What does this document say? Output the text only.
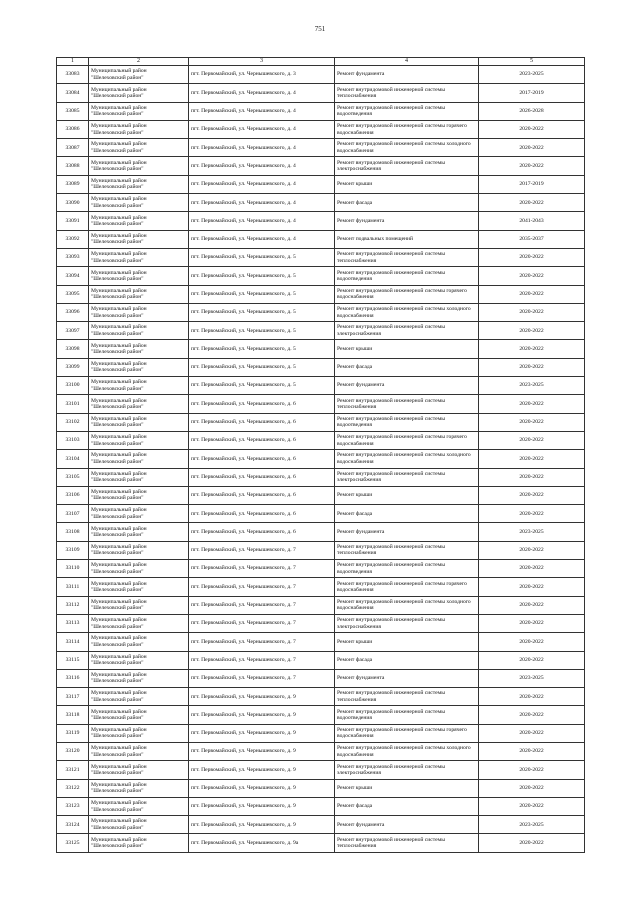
751
1	2	3	4	5
33083	Муниципальный район
"Шелеховский район"	пгт. Первомайский, ул. Чернышевского, д. 3	Ремонт фундамента	2023-2025
33084	Муниципальный район
"Шелеховский район"	пгт. Первомайский, ул. Чернышевского, д. 4	Ремонт внутридомовой инженерной системы теплоснабжения	2017-2019
33085	Муниципальный район
"Шелеховский район"	пгт. Первомайский, ул. Чернышевского, д. 4	Ремонт внутридомовой инженерной системы водоотведения	2026-2028
33086	Муниципальный район
"Шелеховский район"	пгт. Первомайский, ул. Чернышевского, д. 4	Ремонт внутридомовой инженерной системы горячего водоснабжения	2020-2022
33087	Муниципальный район
"Шелеховский район"	пгт. Первомайский, ул. Чернышевского, д. 4	Ремонт внутридомовой инженерной системы холодного водоснабжения	2020-2022
33088	Муниципальный район
"Шелеховский район"	пгт. Первомайский, ул. Чернышевского, д. 4	Ремонт внутридомовой инженерной системы электроснабжения	2020-2022
33089	Муниципальный район
"Шелеховский район"	пгт. Первомайский, ул. Чернышевского, д. 4	Ремонт крыши	2017-2019
33090	Муниципальный район
"Шелеховский район"	пгт. Первомайский, ул. Чернышевского, д. 4	Ремонт фасада	2020-2022
33091	Муниципальный район
"Шелеховский район"	пгт. Первомайский, ул. Чернышевского, д. 4	Ремонт фундамента	2041-2043
33092	Муниципальный район
"Шелеховский район"	пгт. Первомайский, ул. Чернышевского, д. 4	Ремонт подвальных помещений	2035-2037
33093	Муниципальный район
"Шелеховский район"	пгт. Первомайский, ул. Чернышевского, д. 5	Ремонт внутридомовой инженерной системы теплоснабжения	2020-2022
33094	Муниципальный район
"Шелеховский район"	пгт. Первомайский, ул. Чернышевского, д. 5	Ремонт внутридомовой инженерной системы водоотведения	2020-2022
33095	Муниципальный район
"Шелеховский район"	пгт. Первомайский, ул. Чернышевского, д. 5	Ремонт внутридомовой инженерной системы горячего водоснабжения	2020-2022
33096	Муниципальный район
"Шелеховский район"	пгт. Первомайский, ул. Чернышевского, д. 5	Ремонт внутридомовой инженерной системы холодного водоснабжения	2020-2022
33097	Муниципальный район
"Шелеховский район"	пгт. Первомайский, ул. Чернышевского, д. 5	Ремонт внутридомовой инженерной системы электроснабжения	2020-2022
33098	Муниципальный район
"Шелеховский район"	пгт. Первомайский, ул. Чернышевского, д. 5	Ремонт крыши	2020-2022
33099	Муниципальный район
"Шелеховский район"	пгт. Первомайский, ул. Чернышевского, д. 5	Ремонт фасада	2020-2022
33100	Муниципальный район
"Шелеховский район"	пгт. Первомайский, ул. Чернышевского, д. 5	Ремонт фундамента	2023-2025
33101	Муниципальный район
"Шелеховский район"	пгт. Первомайский, ул. Чернышевского, д. 6	Ремонт внутридомовой инженерной системы теплоснабжения	2020-2022
33102	Муниципальный район
"Шелеховский район"	пгт. Первомайский, ул. Чернышевского, д. 6	Ремонт внутридомовой инженерной системы водоотведения	2020-2022
33103	Муниципальный район
"Шелеховский район"	пгт. Первомайский, ул. Чернышевского, д. 6	Ремонт внутридомовой инженерной системы горячего водоснабжения	2020-2022
33104	Муниципальный район
"Шелеховский район"	пгт. Первомайский, ул. Чернышевского, д. 6	Ремонт внутридомовой инженерной системы холодного водоснабжения	2020-2022
33105	Муниципальный район
"Шелеховский район"	пгт. Первомайский, ул. Чернышевского, д. 6	Ремонт внутридомовой инженерной системы электроснабжения	2020-2022
33106	Муниципальный район
"Шелеховский район"	пгт. Первомайский, ул. Чернышевского, д. 6	Ремонт крыши	2020-2022
33107	Муниципальный район
"Шелеховский район"	пгт. Первомайский, ул. Чернышевского, д. 6	Ремонт фасада	2020-2022
33108	Муниципальный район
"Шелеховский район"	пгт. Первомайский, ул. Чернышевского, д. 6	Ремонт фундамента	2023-2025
33109	Муниципальный район
"Шелеховский район"	пгт. Первомайский, ул. Чернышевского, д. 7	Ремонт внутридомовой инженерной системы теплоснабжения	2020-2022
33110	Муниципальный район
"Шелеховский район"	пгт. Первомайский, ул. Чернышевского, д. 7	Ремонт внутридомовой инженерной системы водоотведения	2020-2022
33111	Муниципальный район
"Шелеховский район"	пгт. Первомайский, ул. Чернышевского, д. 7	Ремонт внутридомовой инженерной системы горячего водоснабжения	2020-2022
33112	Муниципальный район
"Шелеховский район"	пгт. Первомайский, ул. Чернышевского, д. 7	Ремонт внутридомовой инженерной системы холодного водоснабжения	2020-2022
33113	Муниципальный район
"Шелеховский район"	пгт. Первомайский, ул. Чернышевского, д. 7	Ремонт внутридомовой инженерной системы электроснабжения	2020-2022
33114	Муниципальный район
"Шелеховский район"	пгт. Первомайский, ул. Чернышевского, д. 7	Ремонт крыши	2020-2022
33115	Муниципальный район
"Шелеховский район"	пгт. Первомайский, ул. Чернышевского, д. 7	Ремонт фасада	2020-2022
33116	Муниципальный район
"Шелеховский район"	пгт. Первомайский, ул. Чернышевского, д. 7	Ремонт фундамента	2023-2025
33117	Муниципальный район
"Шелеховский район"	пгт. Первомайский, ул. Чернышевского, д. 9	Ремонт внутридомовой инженерной системы теплоснабжения	2020-2022
33118	Муниципальный район
"Шелеховский район"	пгт. Первомайский, ул. Чернышевского, д. 9	Ремонт внутридомовой инженерной системы водоотведения	2020-2022
33119	Муниципальный район
"Шелеховский район"	пгт. Первомайский, ул. Чернышевского, д. 9	Ремонт внутридомовой инженерной системы горячего водоснабжения	2020-2022
33120	Муниципальный район
"Шелеховский район"	пгт. Первомайский, ул. Чернышевского, д. 9	Ремонт внутридомовой инженерной системы холодного водоснабжения	2020-2022
33121	Муниципальный район
"Шелеховский район"	пгт. Первомайский, ул. Чернышевского, д. 9	Ремонт внутридомовой инженерной системы электроснабжения	2020-2022
33122	Муниципальный район
"Шелеховский район"	пгт. Первомайский, ул. Чернышевского, д. 9	Ремонт крыши	2020-2022
33123	Муниципальный район
"Шелеховский район"	пгт. Первомайский, ул. Чернышевского, д. 9	Ремонт фасада	2020-2022
33124	Муниципальный район
"Шелеховский район"	пгт. Первомайский, ул. Чернышевского, д. 9	Ремонт фундамента	2023-2025
33125	Муниципальный район
"Шелеховский район"	пгт. Первомайский, ул. Чернышевского, д. 9а	Ремонт внутридомовой инженерной системы теплоснабжения	2020-2022
